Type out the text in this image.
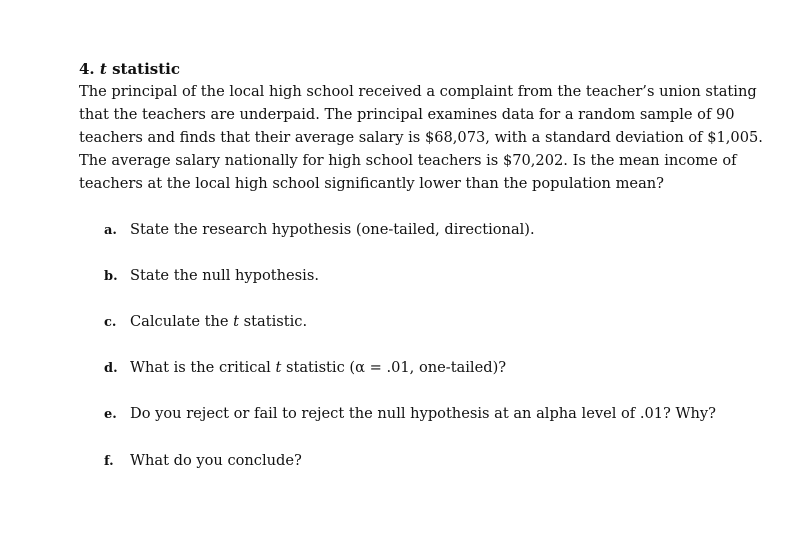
4. t statistic

The principal of the local high school received a complaint from the teacher’s union stating
that the teachers are underpaid. The principal examines data for a random sample of 90
teachers and finds that their average salary is $68,073, with a standard deviation of $1,005.
The average salary nationally for high school teachers is $70,202. Is the mean income of
teachers at the local high school significantly lower than the population mean?

a. State the research hypothesis (one-tailed, directional).
b. State the null hypothesis.
c. Calculate the t statistic.
d. What is the critical t statistic (α = .01, one-tailed)?
e. Do you reject or fail to reject the null hypothesis at an alpha level of .01? Why?
f. What do you conclude?
